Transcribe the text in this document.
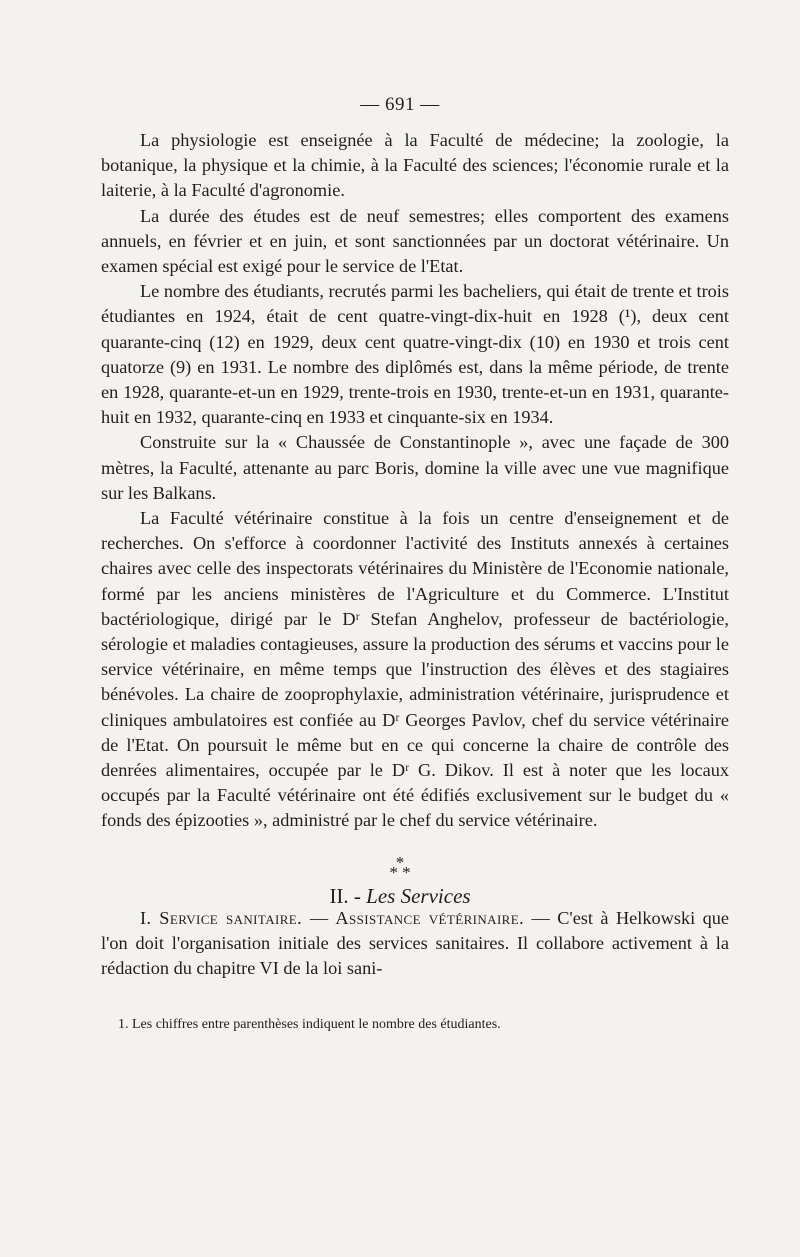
— 691 —

La physiologie est enseignée à la Faculté de médecine; la zoologie, la botanique, la physique et la chimie, à la Faculté des sciences; l'économie rurale et la laiterie, à la Faculté d'agronomie.

La durée des études est de neuf semestres; elles comportent des examens annuels, en février et en juin, et sont sanctionnées par un doctorat vétérinaire. Un examen spécial est exigé pour le service de l'Etat.

Le nombre des étudiants, recrutés parmi les bacheliers, qui était de trente et trois étudiantes en 1924, était de cent quatre-vingt-dix-huit en 1928 (¹), deux cent quarante-cinq (12) en 1929, deux cent quatre-vingt-dix (10) en 1930 et trois cent quatorze (9) en 1931. Le nombre des diplômés est, dans la même période, de trente en 1928, quarante-et-un en 1929, trente-trois en 1930, trente-et-un en 1931, quarante-huit en 1932, quarante-cinq en 1933 et cinquante-six en 1934.

Construite sur la « Chaussée de Constantinople », avec une façade de 300 mètres, la Faculté, attenante au parc Boris, domine la ville avec une vue magnifique sur les Balkans.

La Faculté vétérinaire constitue à la fois un centre d'enseignement et de recherches. On s'efforce à coordonner l'activité des Instituts annexés à certaines chaires avec celle des inspectorats vétérinaires du Ministère de l'Economie nationale, formé par les anciens ministères de l'Agriculture et du Commerce. L'Institut bactériologique, dirigé par le Dʳ Stefan Anghelov, professeur de bactériologie, sérologie et maladies contagieuses, assure la production des sérums et vaccins pour le service vétérinaire, en même temps que l'instruction des élèves et des stagiaires bénévoles. La chaire de zooprophylaxie, administration vétérinaire, jurisprudence et cliniques ambulatoires est confiée au Dʳ Georges Pavlov, chef du service vétérinaire de l'Etat. On poursuit le même but en ce qui concerne la chaire de contrôle des denrées alimentaires, occupée par le Dʳ G. Dikov. Il est à noter que les locaux occupés par la Faculté vétérinaire ont été édifiés exclusivement sur le budget du « fonds des épizooties », administré par le chef du service vétérinaire.

*
* *
II. - Les Services

I. Service sanitaire. — Assistance vétérinaire. — C'est à Helkowski que l'on doit l'organisation initiale des services sanitaires. Il collabore activement à la rédaction du chapitre VI de la loi sani-

1. Les chiffres entre parenthèses indiquent le nombre des étudiantes.
